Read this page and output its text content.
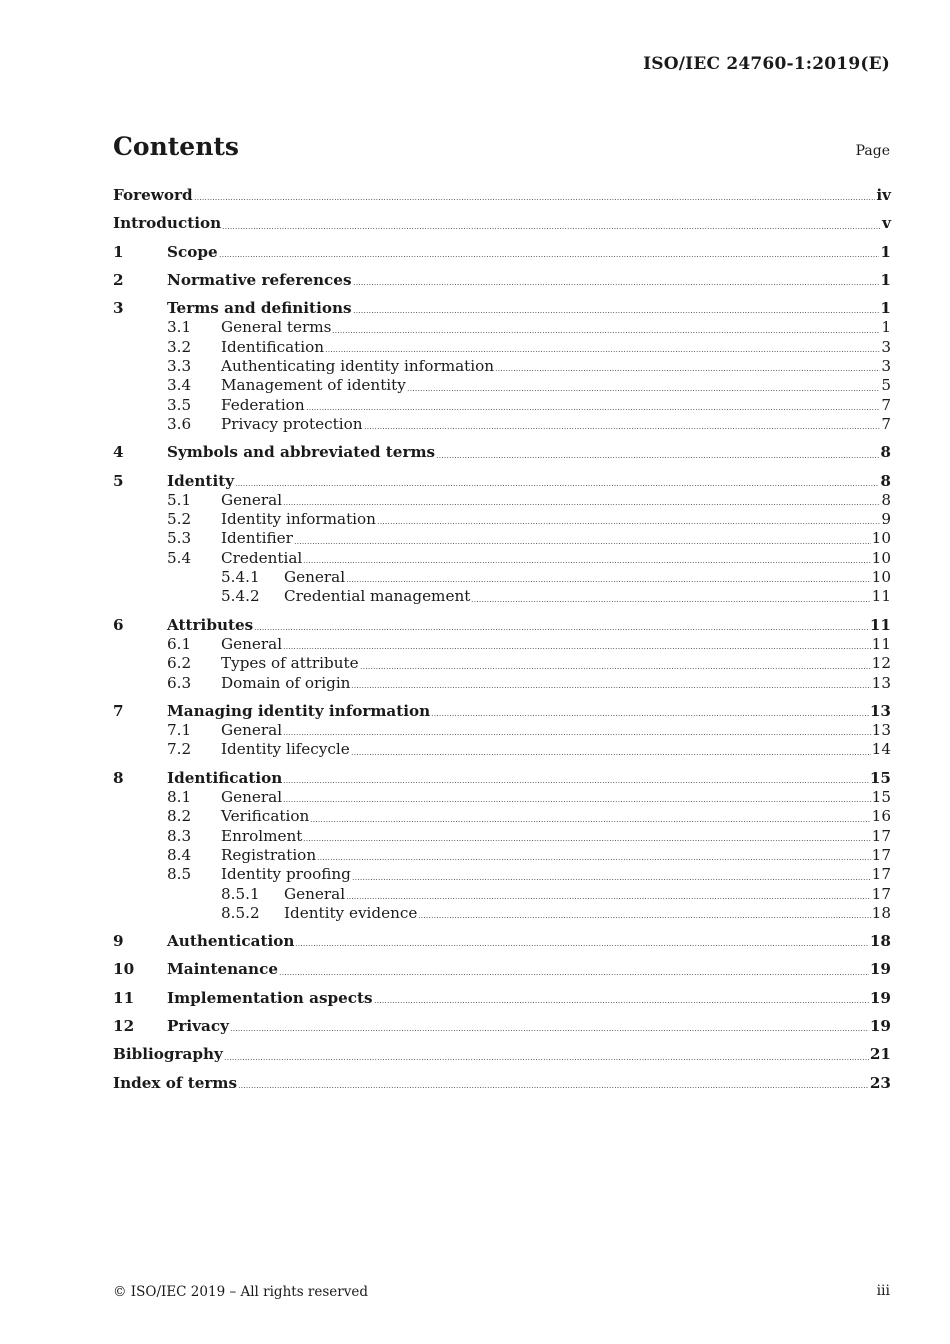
ISO/IEC 24760-1:2019(E)
Contents	Page
Foreword	iv
Introduction	v
1	Scope	1
2	Normative references	1
3	Terms and definitions	1
3.1	General terms	1
3.2	Identification	3
3.3	Authenticating identity information	3
3.4	Management of identity	5
3.5	Federation	7
3.6	Privacy protection	7
4	Symbols and abbreviated terms	8
5	Identity	8
5.1	General	8
5.2	Identity information	9
5.3	Identifier	10
5.4	Credential	10
5.4.1	General	10
5.4.2	Credential management	11
6	Attributes	11
6.1	General	11
6.2	Types of attribute	12
6.3	Domain of origin	13
7	Managing identity information	13
7.1	General	13
7.2	Identity lifecycle	14
8	Identification	15
8.1	General	15
8.2	Verification	16
8.3	Enrolment	17
8.4	Registration	17
8.5	Identity proofing	17
8.5.1	General	17
8.5.2	Identity evidence	18
9	Authentication	18
10	Maintenance	19
11	Implementation aspects	19
12	Privacy	19
Bibliography	21
Index of terms	23
© ISO/IEC 2019 – All rights reserved	iii
